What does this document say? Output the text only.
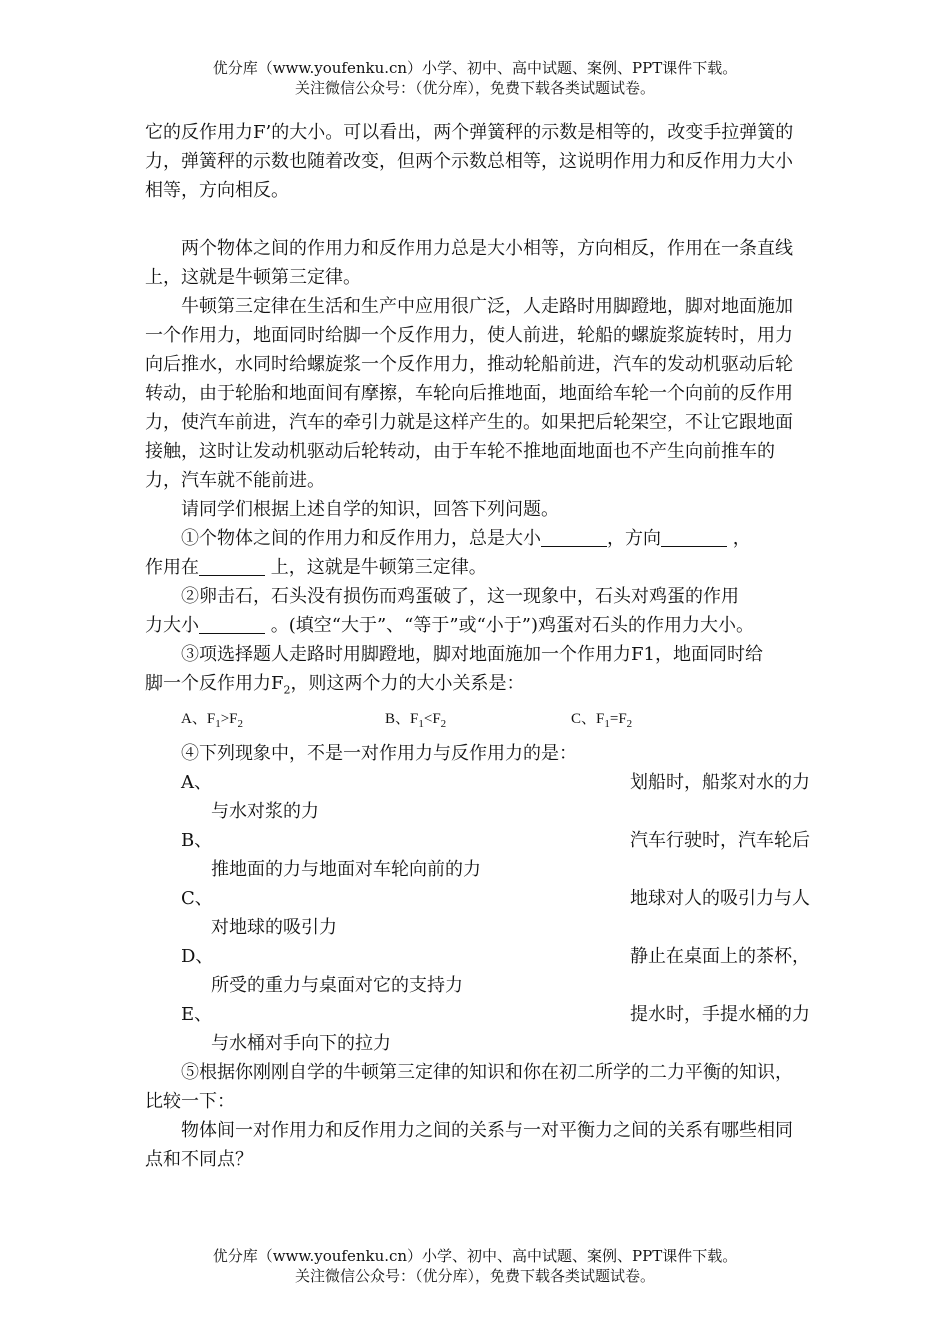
优分库（www.youfenku.cn）小学、初中、高中试题、案例、PPT课件下载。
关注微信公众号：（优分库），免费下载各类试题试卷。

它的反作用力F’的大小。可以看出，两个弹簧秤的示数是相等的，改变手拉弹簧的力，弹簧秤的示数也随着改变，但两个示数总相等，这说明作用力和反作用力大小相等，方向相反。

两个物体之间的作用力和反作用力总是大小相等，方向相反，作用在一条直线上，这就是牛顿第三定律。

牛顿第三定律在生活和生产中应用很广泛，人走路时用脚蹬地，脚对地面施加一个作用力，地面同时给脚一个反作用力，使人前进，轮船的螺旋浆旋转时，用力向后推水，水同时给螺旋浆一个反作用力，推动轮船前进，汽车的发动机驱动后轮转动，由于轮胎和地面间有摩擦，车轮向后推地面，地面给车轮一个向前的反作用力，使汽车前进，汽车的牵引力就是这样产生的。如果把后轮架空，不让它跟地面接触，这时让发动机驱动后轮转动，由于车轮不推地面地面也不产生向前推车的力，汽车就不能前进。

请同学们根据上述自学的知识，回答下列问题。

①个物体之间的作用力和反作用力，总是大小	，方向	，

作用在	上，这就是牛顿第三定律。

②卵击石，石头没有损伤而鸡蛋破了，这一现象中，石头对鸡蛋的作用

力大小	。(填空“大于”、“等于”或“小于”)鸡蛋对石头的作用力大小。

③项选择题人走路时用脚蹬地，脚对地面施加一个作用力F1，地面同时给

脚一个反作用力$F_2$，则这两个力的大小关系是：

A、$F_1>F_2$	B、$F_1<F_2$	C、$F_1=F_2$

④下列现象中，不是一对作用力与反作用力的是：

A、	划船时，船浆对水的力
与水对浆的力
B、	汽车行驶时，汽车轮后
推地面的力与地面对车轮向前的力
C、	地球对人的吸引力与人
对地球的吸引力
D、	静止在桌面上的茶杯，
所受的重力与桌面对它的支持力
E、	提水时，手提水桶的力
与水桶对手向下的拉力

⑤根据你刚刚自学的牛顿第三定律的知识和你在初二所学的二力平衡的知识，比较一下：

物体间一对作用力和反作用力之间的关系与一对平衡力之间的关系有哪些相同点和不同点？

优分库（www.youfenku.cn）小学、初中、高中试题、案例、PPT课件下载。
关注微信公众号：（优分库），免费下载各类试题试卷。
